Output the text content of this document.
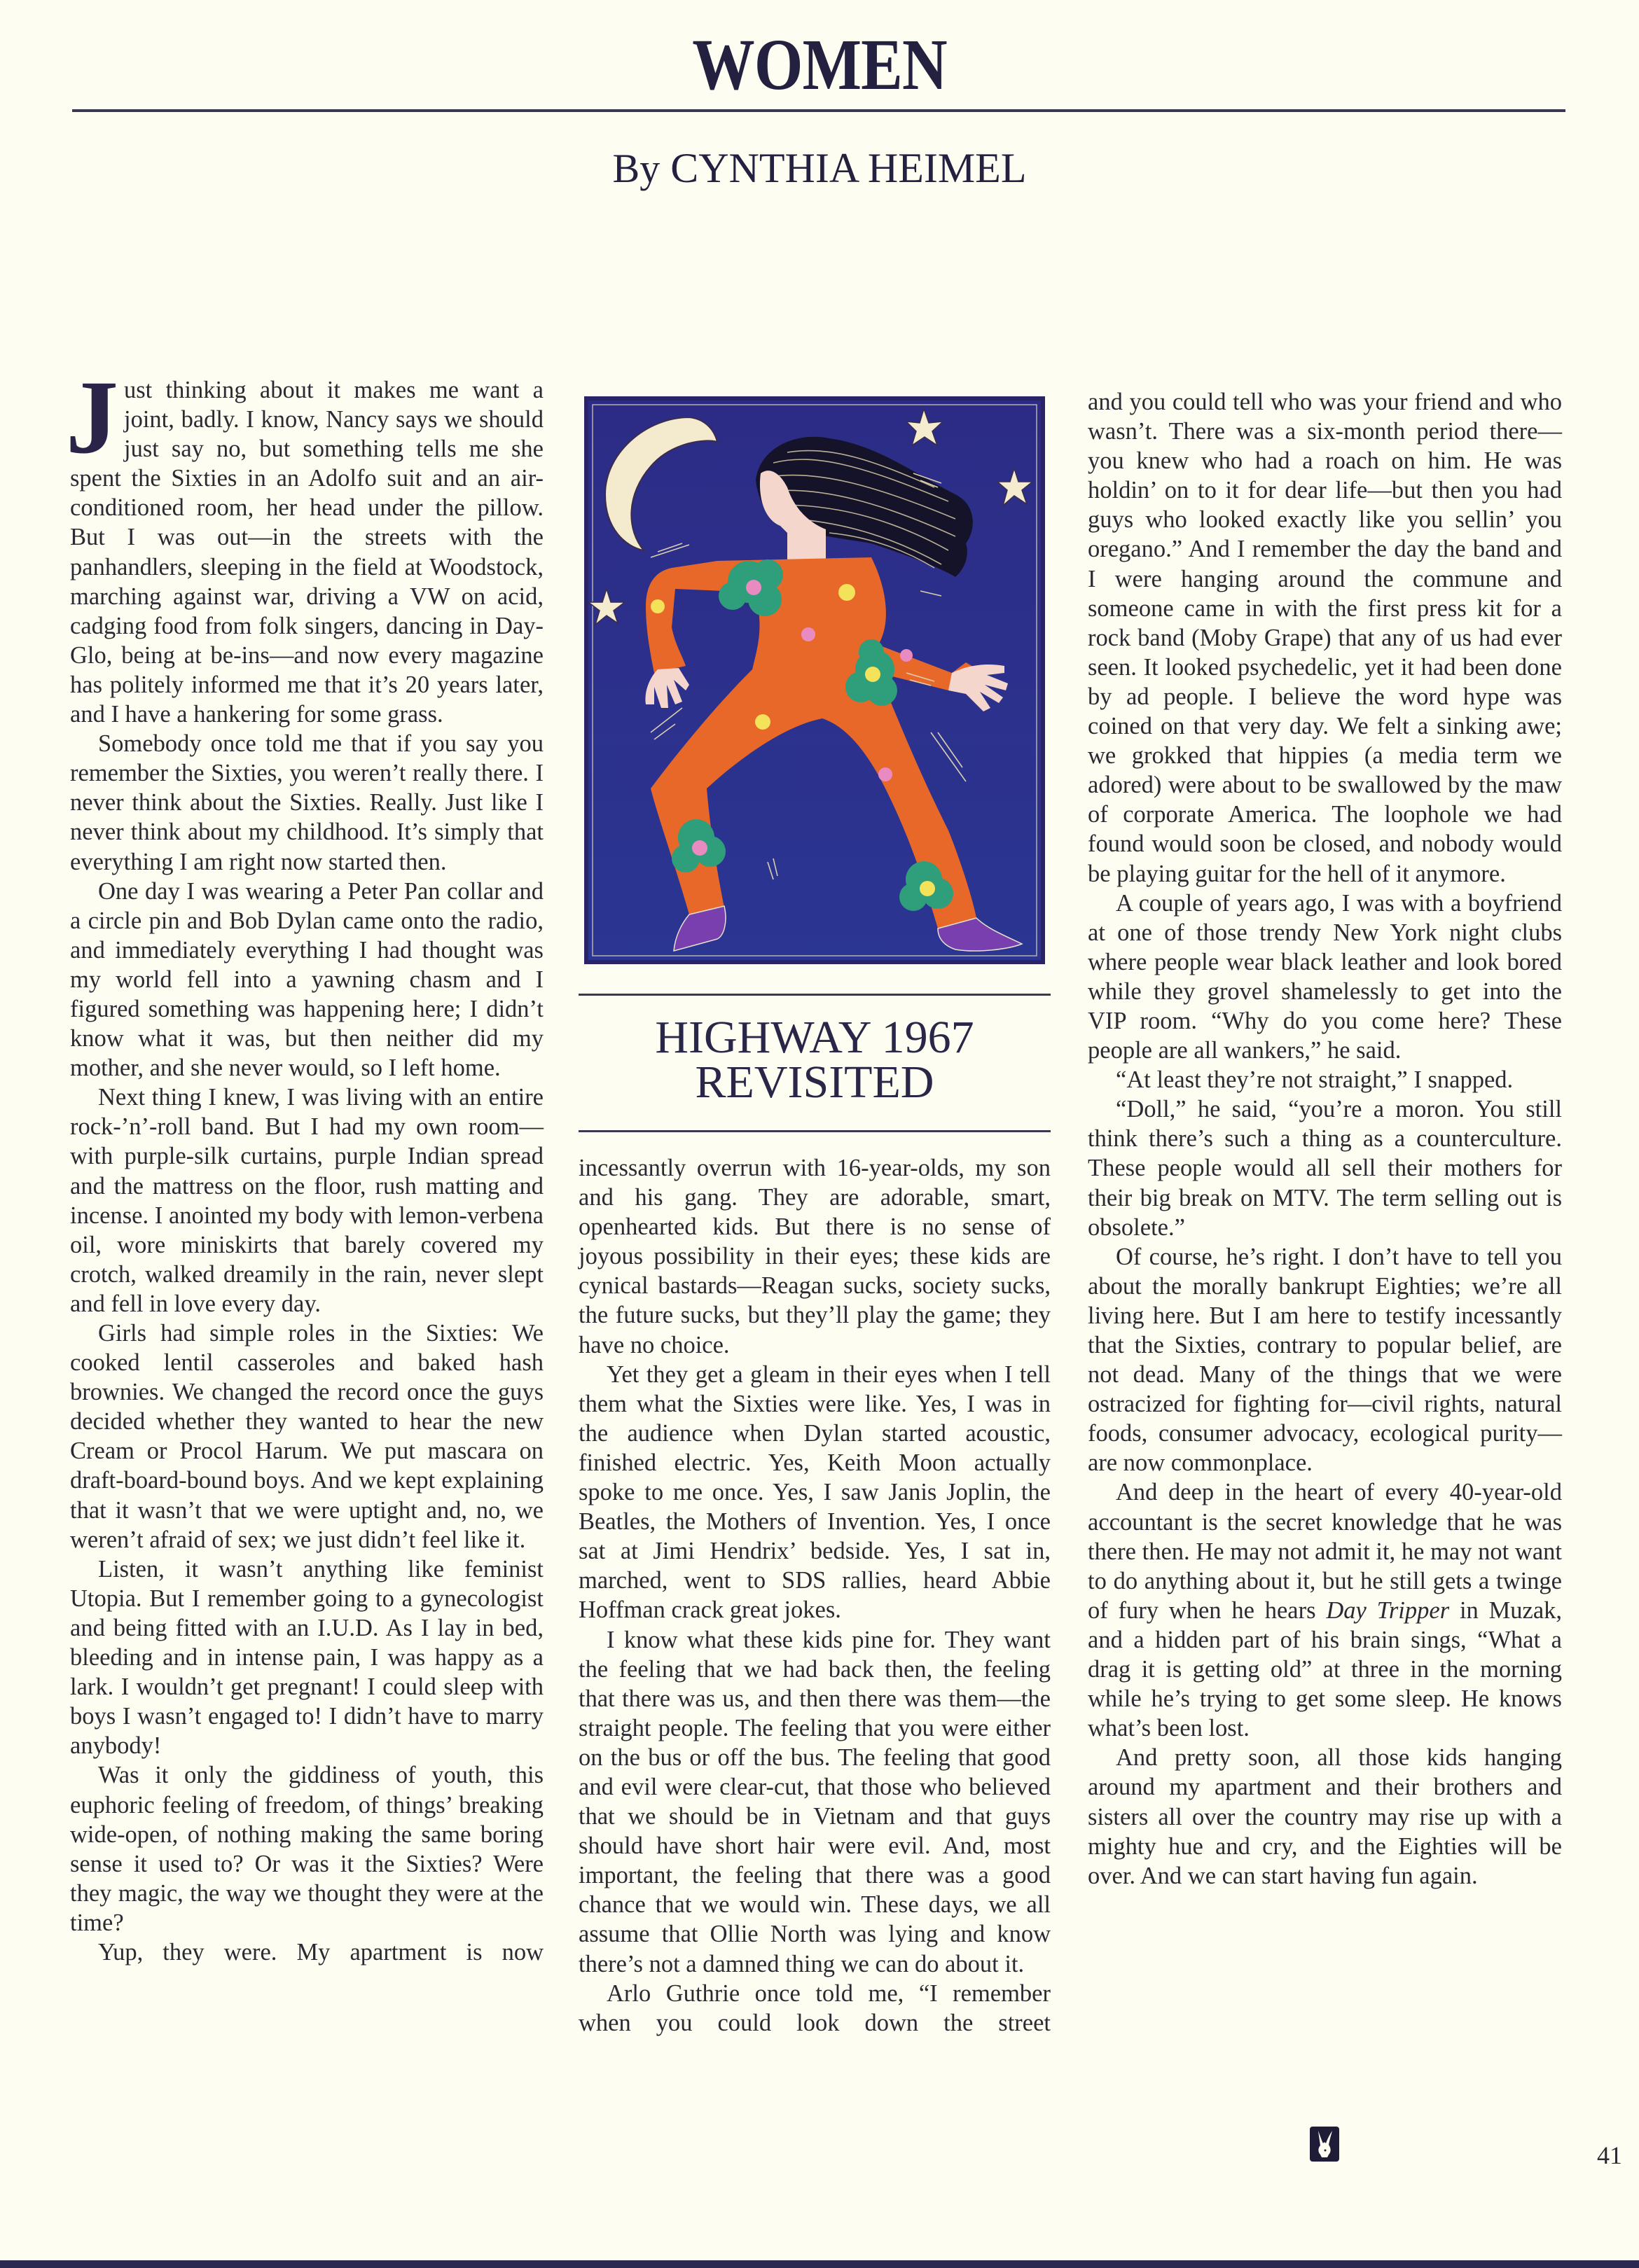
WOMEN
By CYNTHIA HEIMEL

Just thinking about it makes me want a joint, badly. I know, Nancy says we should just say no, but something tells me she spent the Sixties in an Adolfo suit and an air-conditioned room, her head under the pillow. But I was out—in the streets with the panhandlers, sleeping in the field at Woodstock, marching against war, driving a VW on acid, cadging food from folk singers, dancing in Day-Glo, being at be-ins—and now every magazine has politely informed me that it’s 20 years later, and I have a hankering for some grass.

Somebody once told me that if you say you remember the Sixties, you weren’t really there. I never think about the Sixties. Really. Just like I never think about my childhood. It’s simply that everything I am right now started then.

One day I was wearing a Peter Pan collar and a circle pin and Bob Dylan came onto the radio, and immediately everything I had thought was my world fell into a yawning chasm and I figured something was happening here; I didn’t know what it was, but then neither did my mother, and she never would, so I left home.

Next thing I knew, I was living with an entire rock-’n’-roll band. But I had my own room—with purple-silk curtains, purple Indian spread and the mattress on the floor, rush matting and incense. I anointed my body with lemon-verbena oil, wore miniskirts that barely covered my crotch, walked dreamily in the rain, never slept and fell in love every day.

Girls had simple roles in the Sixties: We cooked lentil casseroles and baked hash brownies. We changed the record once the guys decided whether they wanted to hear the new Cream or Procol Harum. We put mascara on draft-board-bound boys. And we kept explaining that it wasn’t that we were uptight and, no, we weren’t afraid of sex; we just didn’t feel like it.

Listen, it wasn’t anything like feminist Utopia. But I remember going to a gynecologist and being fitted with an I.U.D. As I lay in bed, bleeding and in intense pain, I was happy as a lark. I wouldn’t get pregnant! I could sleep with boys I wasn’t engaged to! I didn’t have to marry anybody!

Was it only the giddiness of youth, this euphoric feeling of freedom, of things’ breaking wide-open, of nothing making the same boring sense it used to? Or was it the Sixties? Were they magic, the way we thought they were at the time?

Yup, they were. My apartment is now

HIGHWAY 1967
REVISITED

incessantly overrun with 16-year-olds, my son and his gang. They are adorable, smart, openhearted kids. But there is no sense of joyous possibility in their eyes; these kids are cynical bastards—Reagan sucks, society sucks, the future sucks, but they’ll play the game; they have no choice.

Yet they get a gleam in their eyes when I tell them what the Sixties were like. Yes, I was in the audience when Dylan started acoustic, finished electric. Yes, Keith Moon actually spoke to me once. Yes, I saw Janis Joplin, the Beatles, the Mothers of Invention. Yes, I once sat at Jimi Hendrix’ bedside. Yes, I sat in, marched, went to SDS rallies, heard Abbie Hoffman crack great jokes.

I know what these kids pine for. They want the feeling that we had back then, the feeling that there was us, and then there was them—the straight people. The feeling that you were either on the bus or off the bus. The feeling that good and evil were clear-cut, that those who believed that we should be in Vietnam and that guys should have short hair were evil. And, most important, the feeling that there was a good chance that we would win. These days, we all assume that Ollie North was lying and know there’s not a damned thing we can do about it.

Arlo Guthrie once told me, “I remember when you could look down the street

and you could tell who was your friend and who wasn’t. There was a six-month period there—you knew who had a roach on him. He was holdin’ on to it for dear life—but then you had guys who looked exactly like you sellin’ you oregano.” And I remember the day the band and I were hanging around the commune and someone came in with the first press kit for a rock band (Moby Grape) that any of us had ever seen. It looked psychedelic, yet it had been done by ad people. I believe the word hype was coined on that very day. We felt a sinking awe; we grokked that hippies (a media term we adored) were about to be swallowed by the maw of corporate America. The loophole we had found would soon be closed, and nobody would be playing guitar for the hell of it anymore.

A couple of years ago, I was with a boyfriend at one of those trendy New York night clubs where people wear black leather and look bored while they grovel shamelessly to get into the VIP room. “Why do you come here? These people are all wankers,” he said.

“At least they’re not straight,” I snapped.

“Doll,” he said, “you’re a moron. You still think there’s such a thing as a counterculture. These people would all sell their mothers for their big break on MTV. The term selling out is obsolete.”

Of course, he’s right. I don’t have to tell you about the morally bankrupt Eighties; we’re all living here. But I am here to testify incessantly that the Sixties, contrary to popular belief, are not dead. Many of the things that we were ostracized for fighting for—civil rights, natural foods, consumer advocacy, ecological purity—are now commonplace.

And deep in the heart of every 40-year-old accountant is the secret knowledge that he was there then. He may not admit it, he may not want to do anything about it, but he still gets a twinge of fury when he hears Day Tripper in Muzak, and a hidden part of his brain sings, “What a drag it is getting old” at three in the morning while he’s trying to get some sleep. He knows what’s been lost.

And pretty soon, all those kids hanging around my apartment and their brothers and sisters all over the country may rise up with a mighty hue and cry, and the Eighties will be over. And we can start having fun again.

41
